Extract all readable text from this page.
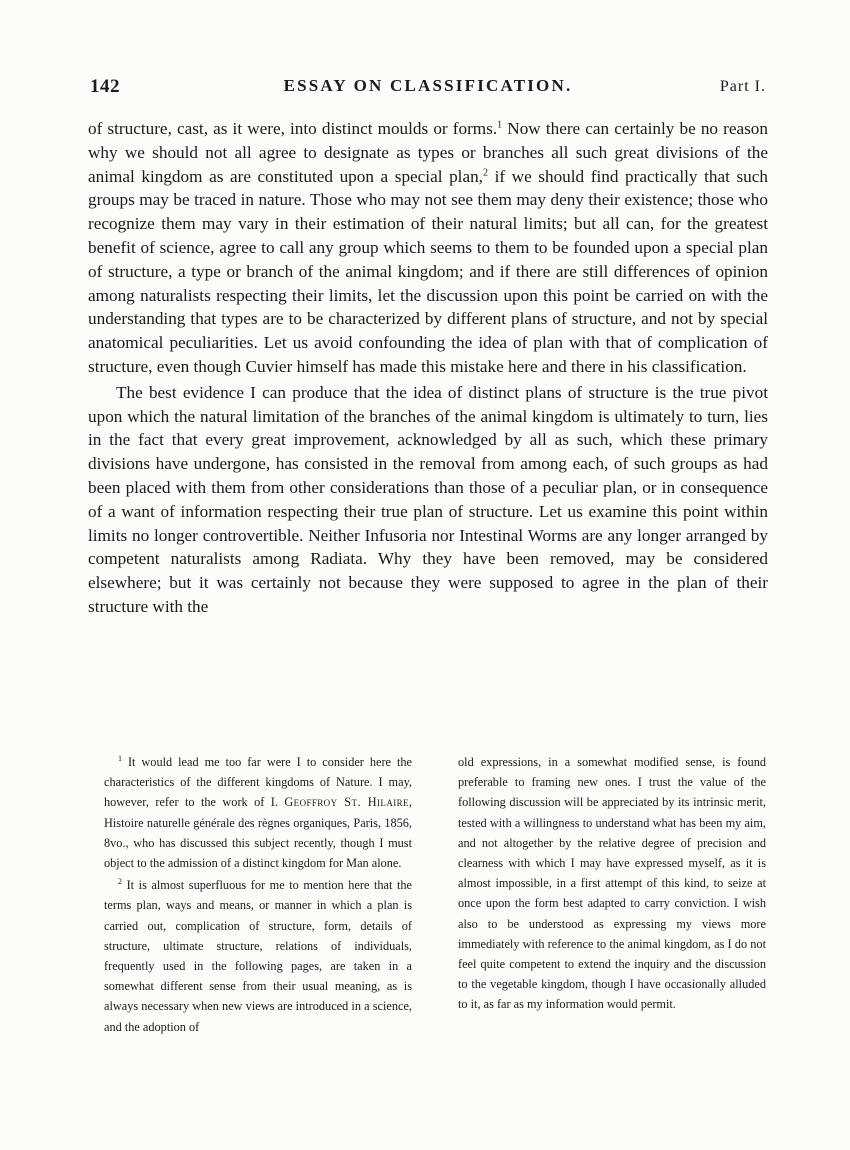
142	ESSAY ON CLASSIFICATION.	Part I.

of structure, cast, as it were, into distinct moulds or forms.$^1$ Now there can certainly be no reason why we should not all agree to designate as types or branches all such great divisions of the animal kingdom as are constituted upon a special plan,$^2$ if we should find practically that such groups may be traced in nature. Those who may not see them may deny their existence; those who recognize them may vary in their estimation of their natural limits; but all can, for the greatest benefit of science, agree to call any group which seems to them to be founded upon a special plan of structure, a type or branch of the animal kingdom; and if there are still differences of opinion among naturalists respecting their limits, let the discussion upon this point be carried on with the understanding that types are to be characterized by different plans of structure, and not by special anatomical peculiarities. Let us avoid confounding the idea of plan with that of complication of structure, even though Cuvier himself has made this mistake here and there in his classification.

The best evidence I can produce that the idea of distinct plans of structure is the true pivot upon which the natural limitation of the branches of the animal kingdom is ultimately to turn, lies in the fact that every great improvement, acknowledged by all as such, which these primary divisions have undergone, has consisted in the removal from among each, of such groups as had been placed with them from other considerations than those of a peculiar plan, or in consequence of a want of information respecting their true plan of structure. Let us examine this point within limits no longer controvertible. Neither Infusoria nor Intestinal Worms are any longer arranged by competent naturalists among Radiata. Why they have been removed, may be considered elsewhere; but it was certainly not because they were supposed to agree in the plan of their structure with the

$^1$ It would lead me too far were I to consider here the characteristics of the different kingdoms of Nature. I may, however, refer to the work of I. Geoffroy St. Hilaire, Histoire naturelle générale des règnes organiques, Paris, 1856, 8vo., who has discussed this subject recently, though I must object to the admission of a distinct kingdom for Man alone.

$^2$ It is almost superfluous for me to mention here that the terms plan, ways and means, or manner in which a plan is carried out, complication of structure, form, details of structure, ultimate structure, relations of individuals, frequently used in the following pages, are taken in a somewhat different sense from their usual meaning, as is always necessary when new views are introduced in a science, and the adoption of

old expressions, in a somewhat modified sense, is found preferable to framing new ones. I trust the value of the following discussion will be appreciated by its intrinsic merit, tested with a willingness to understand what has been my aim, and not altogether by the relative degree of precision and clearness with which I may have expressed myself, as it is almost impossible, in a first attempt of this kind, to seize at once upon the form best adapted to carry conviction. I wish also to be understood as expressing my views more immediately with reference to the animal kingdom, as I do not feel quite competent to extend the inquiry and the discussion to the vegetable kingdom, though I have occasionally alluded to it, as far as my information would permit.
